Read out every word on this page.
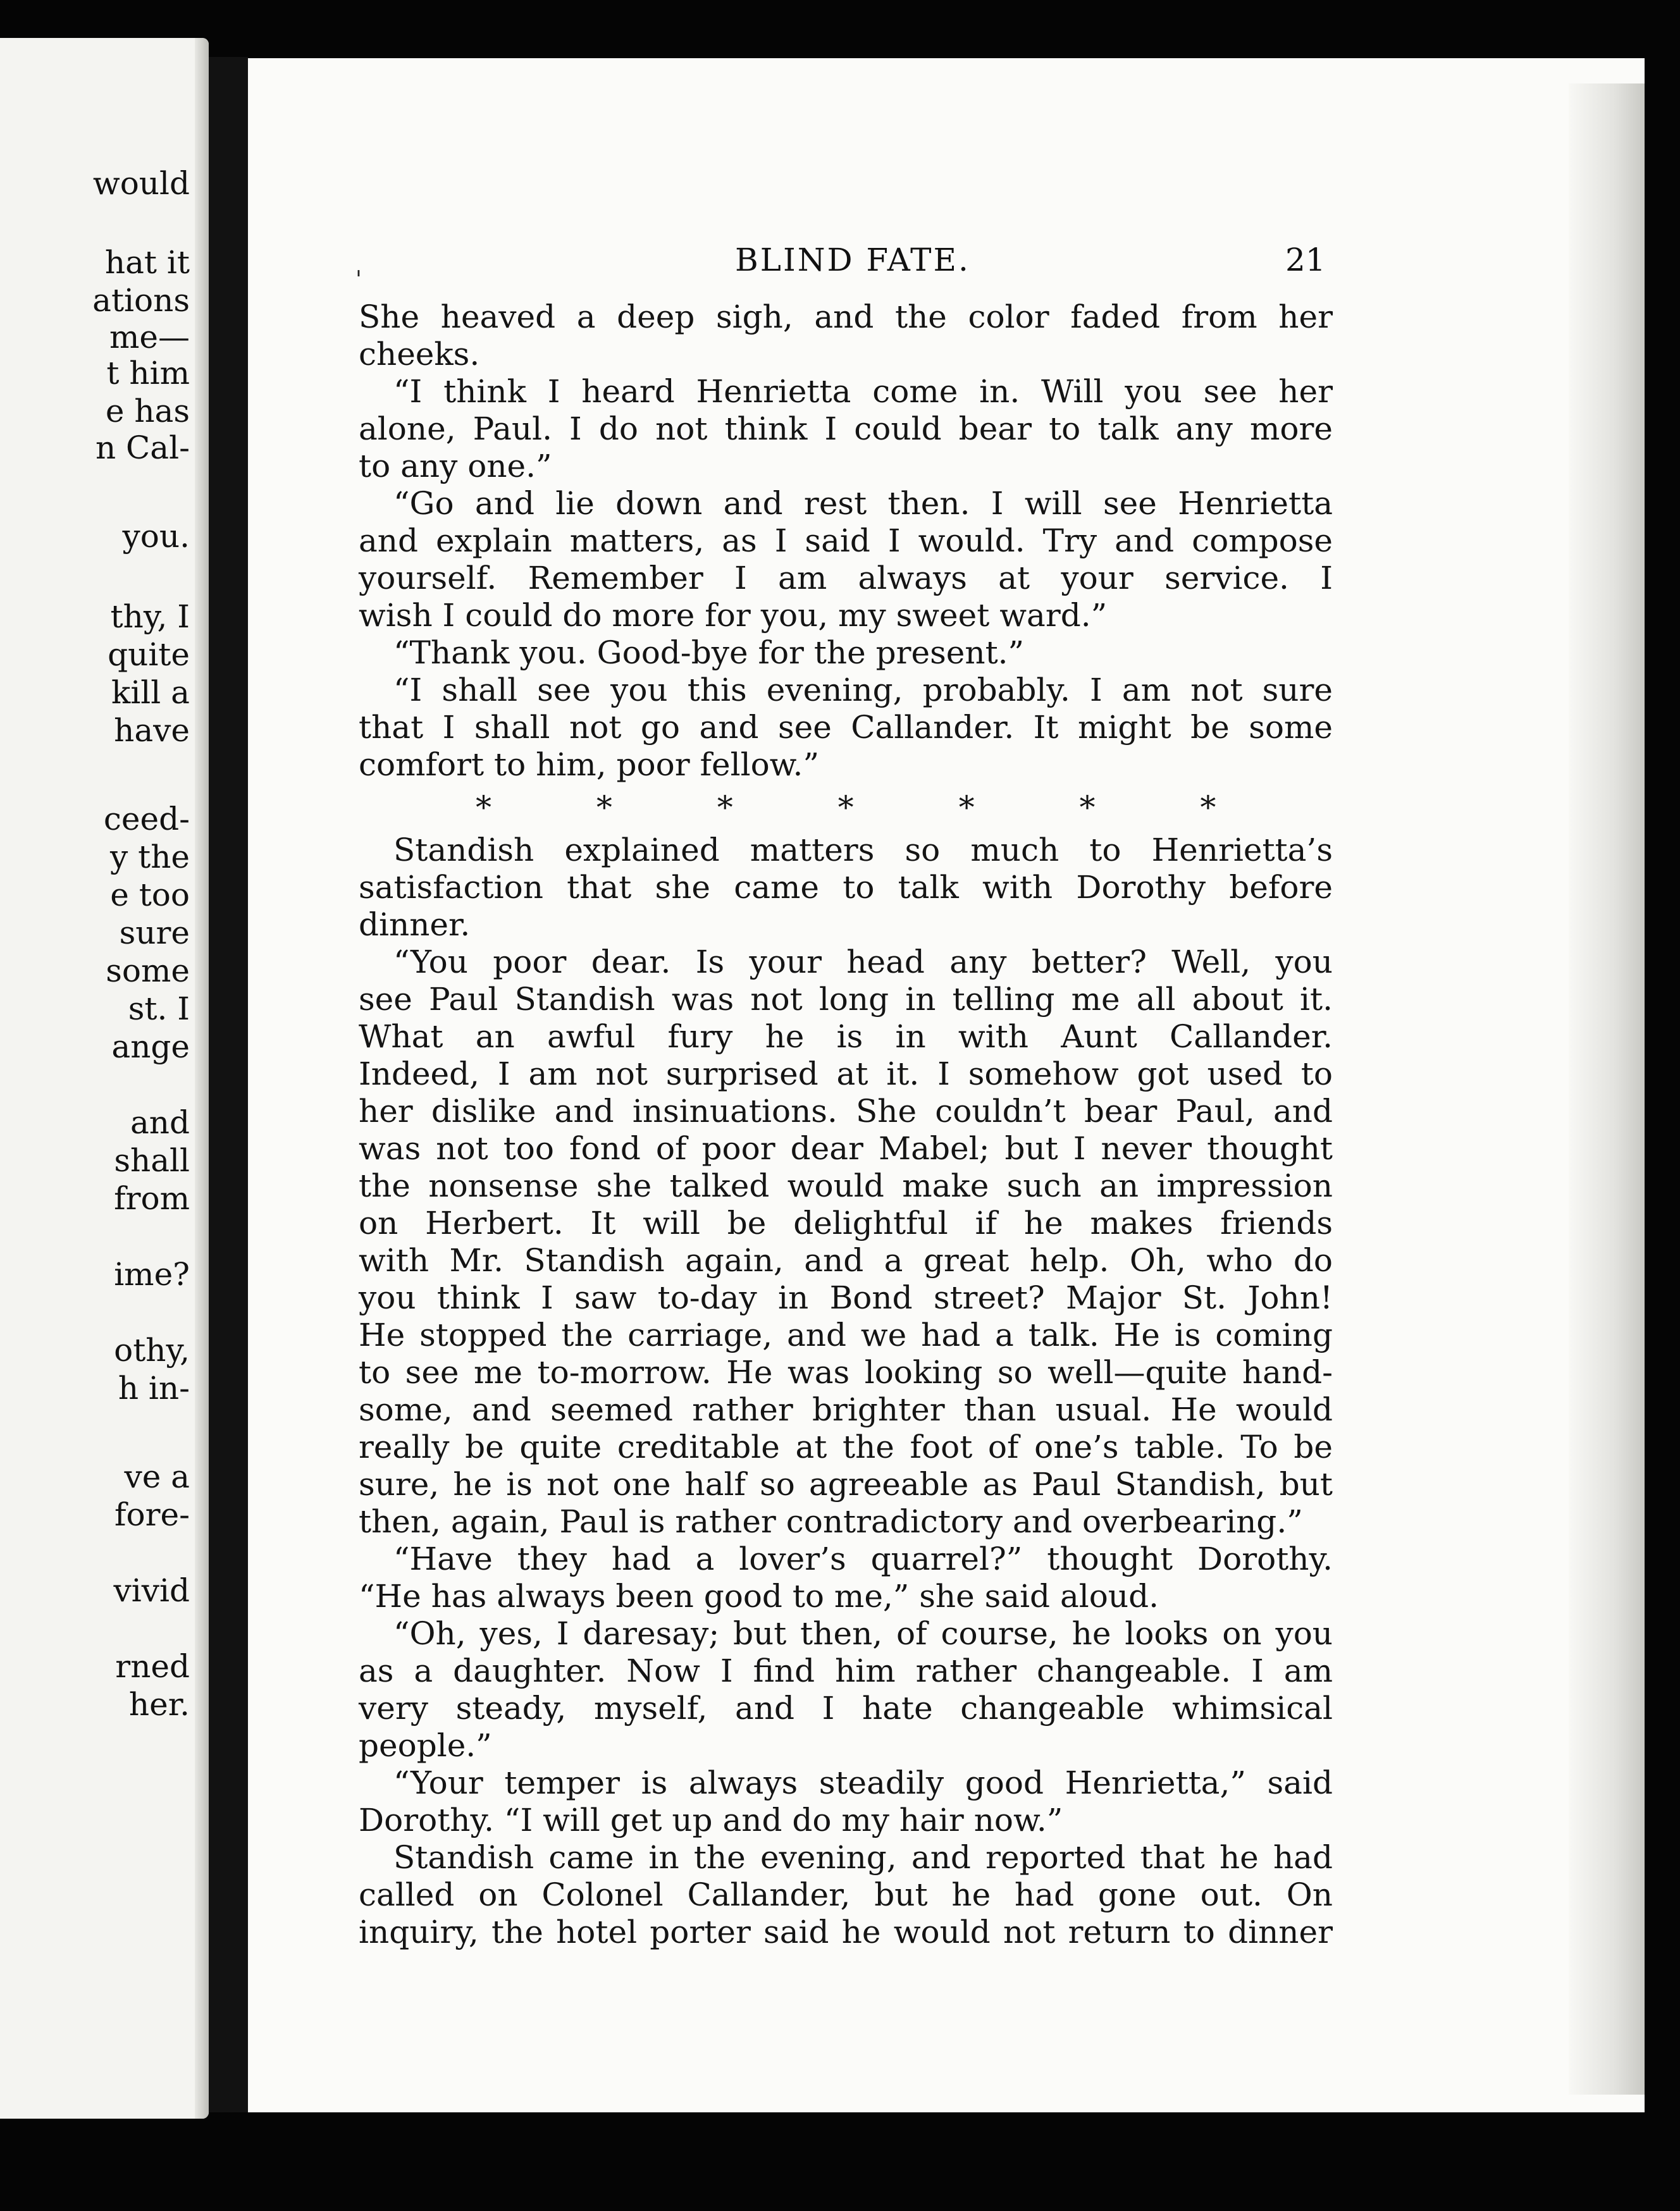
would
hat it
ations
me—
t him
e has
n Cal-
you.
thy, I
quite
kill a
have
ceed-
y the
e too
sure
some
st. I
ange
and
shall
from
ime?
othy,
h in-
ve a
fore-
vivid
rned
her.
'
BLIND FATE.	21
She heaved a deep sigh, and the color faded from her
cheeks.
“I think I heard Henrietta come in. Will you see her
alone, Paul. I do not think I could bear to talk any more
to any one.”
“Go and lie down and rest then. I will see Henrietta
and explain matters, as I said I would. Try and compose
yourself. Remember I am always at your service. I
wish I could do more for you, my sweet ward.”
“Thank you. Good-bye for the present.”
“I shall see you this evening, probably. I am not sure
that I shall not go and see Callander. It might be some
comfort to him, poor fellow.”
* * * * * * *
Standish explained matters so much to Henrietta’s
satisfaction that she came to talk with Dorothy before
dinner.
“You poor dear. Is your head any better? Well, you
see Paul Standish was not long in telling me all about it.
What an awful fury he is in with Aunt Callander.
Indeed, I am not surprised at it. I somehow got used to
her dislike and insinuations. She couldn’t bear Paul, and
was not too fond of poor dear Mabel; but I never thought
the nonsense she talked would make such an impression
on Herbert. It will be delightful if he makes friends
with Mr. Standish again, and a great help. Oh, who do
you think I saw to-day in Bond street? Major St. John!
He stopped the carriage, and we had a talk. He is coming
to see me to-morrow. He was looking so well—quite hand-
some, and seemed rather brighter than usual. He would
really be quite creditable at the foot of one’s table. To be
sure, he is not one half so agreeable as Paul Standish, but
then, again, Paul is rather contradictory and overbearing.”
“Have they had a lover’s quarrel?” thought Dorothy.
“He has always been good to me,” she said aloud.
“Oh, yes, I daresay; but then, of course, he looks on you
as a daughter. Now I find him rather changeable. I am
very steady, myself, and I hate changeable whimsical
people.”
“Your temper is always steadily good Henrietta,” said
Dorothy. “I will get up and do my hair now.”
Standish came in the evening, and reported that he had
called on Colonel Callander, but he had gone out. On
inquiry, the hotel porter said he would not return to dinner
